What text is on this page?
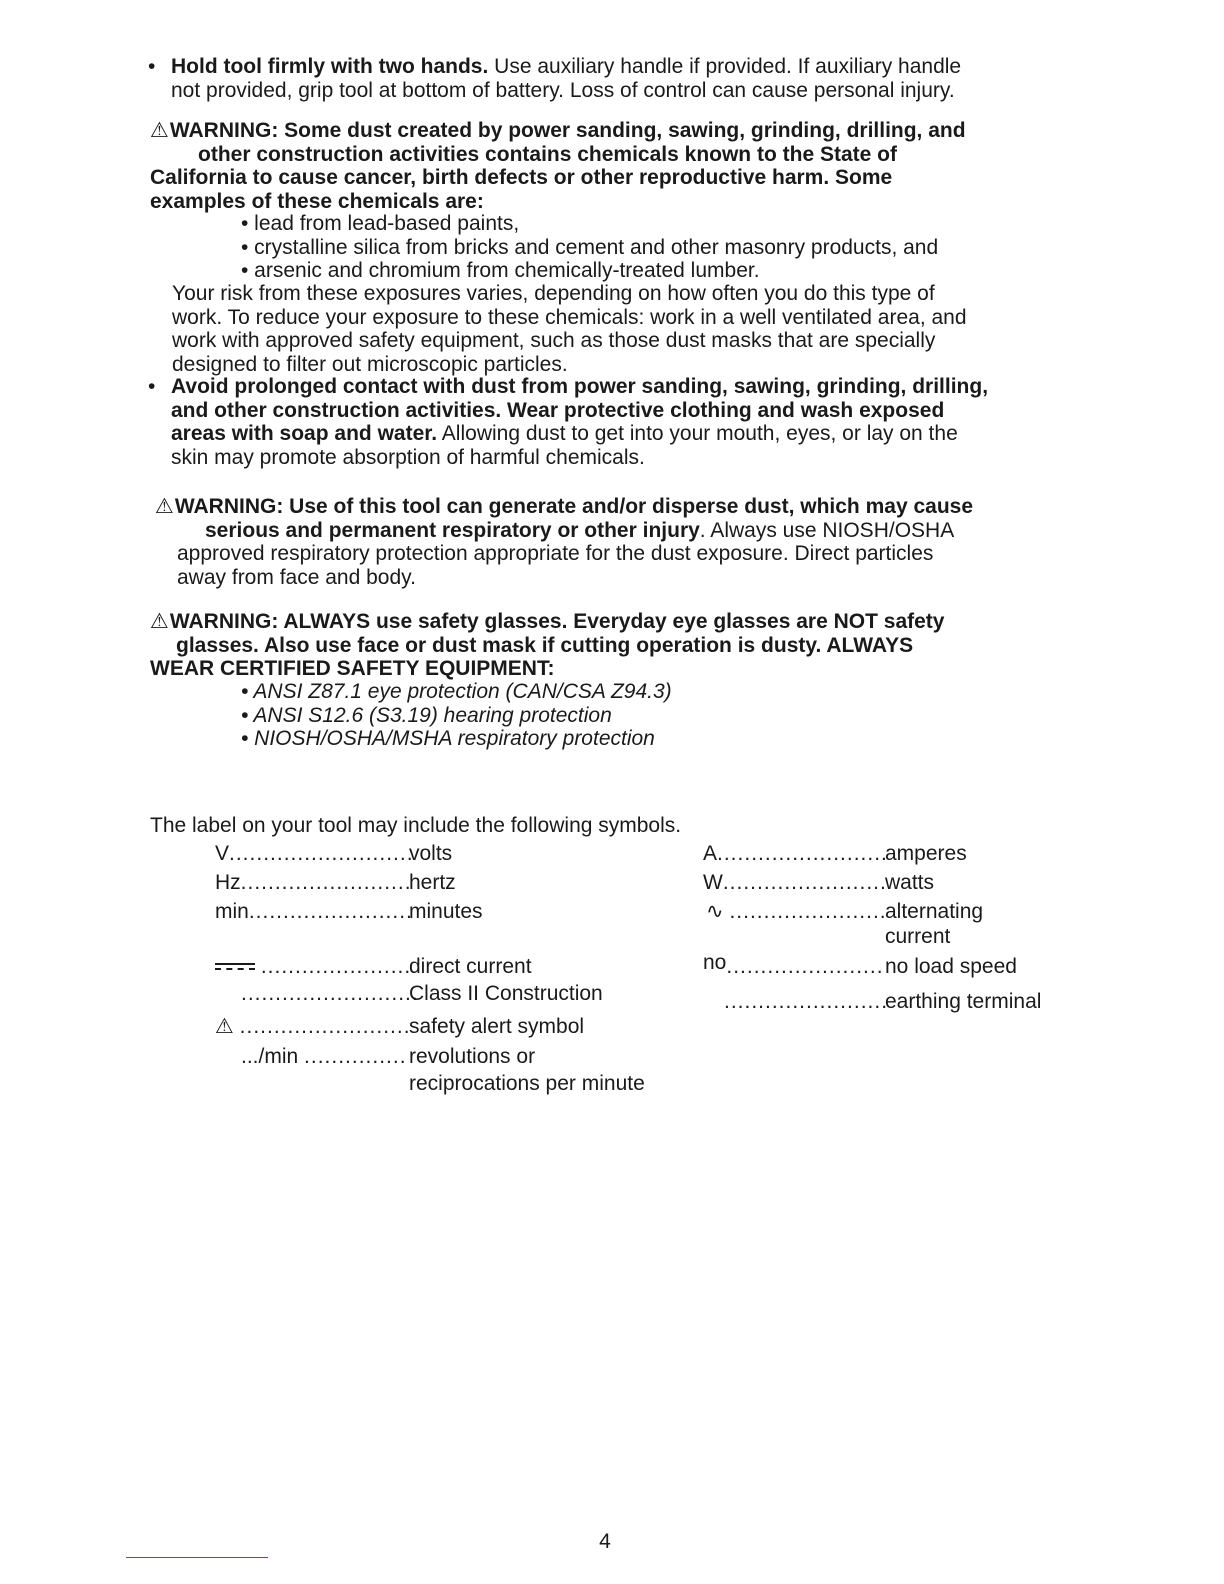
• Hold tool firmly with two hands. Use auxiliary handle if provided. If auxiliary handle
not provided, grip tool at bottom of battery. Loss of control can cause personal injury.
⚠WARNING: Some dust created by power sanding, sawing, grinding, drilling, and
other construction activities contains chemicals known to the State of
California to cause cancer, birth defects or other reproductive harm. Some
examples of these chemicals are:
• lead from lead-based paints,
• crystalline silica from bricks and cement and other masonry products, and
• arsenic and chromium from chemically-treated lumber.
Your risk from these exposures varies, depending on how often you do this type of
work. To reduce your exposure to these chemicals: work in a well ventilated area, and
work with approved safety equipment, such as those dust masks that are specially
designed to filter out microscopic particles.
• Avoid prolonged contact with dust from power sanding, sawing, grinding, drilling,
and other construction activities. Wear protective clothing and wash exposed
areas with soap and water. Allowing dust to get into your mouth, eyes, or lay on the
skin may promote absorption of harmful chemicals.
⚠WARNING: Use of this tool can generate and/or disperse dust, which may cause
serious and permanent respiratory or other injury. Always use NIOSH/OSHA
approved respiratory protection appropriate for the dust exposure. Direct particles
away from face and body.
⚠WARNING: ALWAYS use safety glasses. Everyday eye glasses are NOT safety
glasses. Also use face or dust mask if cutting operation is dusty. ALWAYS
WEAR CERTIFIED SAFETY EQUIPMENT:
• ANSI Z87.1 eye protection (CAN/CSA Z94.3)
• ANSI S12.6 (S3.19) hearing protection
• NIOSH/OSHA/MSHA respiratory protection
The label on your tool may include the following symbols.
V...........................
volts
Hz.........................
hertz
min........................
minutes
......................
direct current
..........................
Class II Construction
⚠ .........................
safety alert symbol
.../min ............... revolutions or
reciprocations per minute
A.........................
amperes
W........................
watts
∿ .......................
alternating
current
no....................... no load speed
........................
earthing terminal
4
